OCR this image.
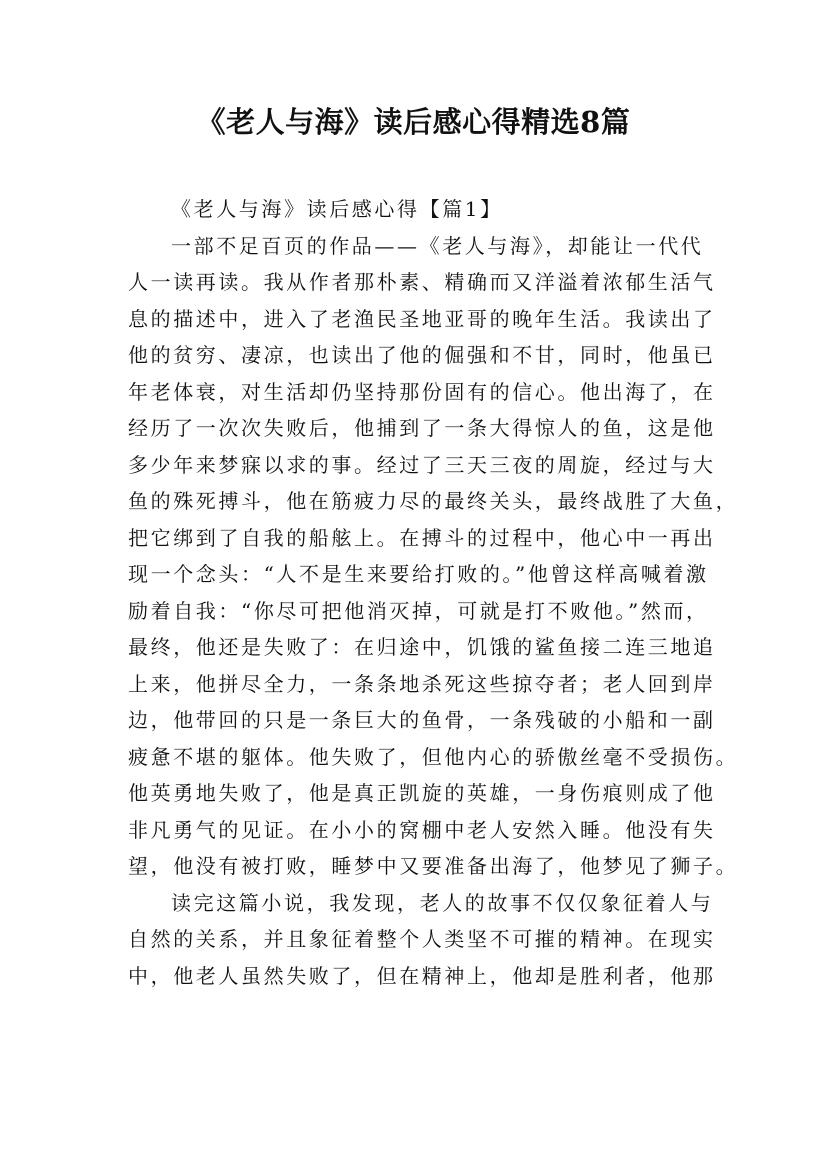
《老人与海》读后感心得精选8篇
《老人与海》读后感心得【篇1】
一部不足百页的作品——《老人与海》，却能让一代代
人一读再读。我从作者那朴素、精确而又洋溢着浓郁生活气
息的描述中，进入了老渔民圣地亚哥的晚年生活。我读出了
他的贫穷、凄凉，也读出了他的倔强和不甘，同时，他虽已
年老体衰，对生活却仍坚持那份固有的信心。他出海了，在
经历了一次次失败后，他捕到了一条大得惊人的鱼，这是他
多少年来梦寐以求的事。经过了三天三夜的周旋，经过与大
鱼的殊死搏斗，他在筋疲力尽的最终关头，最终战胜了大鱼，
把它绑到了自我的船舷上。在搏斗的过程中，他心中一再出
现一个念头：“人不是生来要给打败的。”他曾这样高喊着激
励着自我：“你尽可把他消灭掉，可就是打不败他。”然而，
最终，他还是失败了：在归途中，饥饿的鲨鱼接二连三地追
上来，他拼尽全力，一条条地杀死这些掠夺者；老人回到岸
边，他带回的只是一条巨大的鱼骨，一条残破的小船和一副
疲惫不堪的躯体。他失败了，但他内心的骄傲丝毫不受损伤。
他英勇地失败了，他是真正凯旋的英雄，一身伤痕则成了他
非凡勇气的见证。在小小的窝棚中老人安然入睡。他没有失
望，他没有被打败，睡梦中又要准备出海了，他梦见了狮子。
读完这篇小说，我发现，老人的故事不仅仅象征着人与
自然的关系，并且象征着整个人类坚不可摧的精神。在现实
中，他老人虽然失败了，但在精神上，他却是胜利者，他那
